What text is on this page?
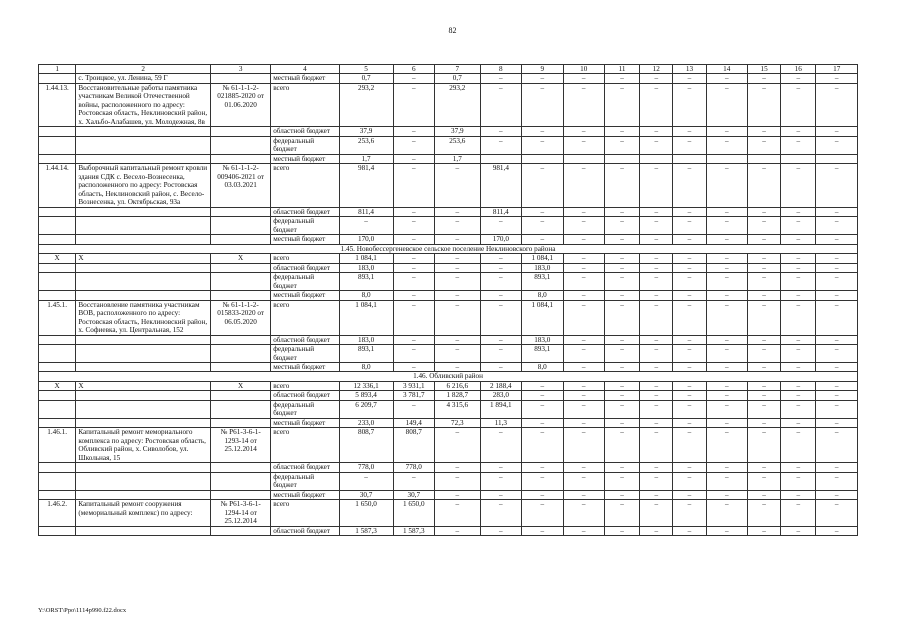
82
1	2	3	4	5	6	7	8	9	10	11	12	13	14	15	16	17
	с. Троицкое, ул. Ленина, 59 Г		местный бюджет	0,7	–	0,7	–	–	–	–	–	–	–	–	–	–
1.44.13.	Восстановительные работы памятника участникам Великой Отечественной войны, расположенного по адресу: Ростовская область, Неклиновский район, х. Хальбо-Алабашев, ул. Молодежная, 8в	№ 61-1-1-2-021885-2020 от 01.06.2020	всего	293,2	–	293,2	–	–	–	–	–	–	–	–	–	–
			областной бюджет	37,9	–	37,9	–	–	–	–	–	–	–	–	–	–
			федеральный бюджет	253,6	–	253,6	–	–	–	–	–	–	–	–	–	–
			местный бюджет	1,7	–	1,7										
1.44.14.	Выборочный капитальный ремонт кровли здания СДК с. Весело-Вознесенка, расположенного по адресу: Ростовская область, Неклиновский район, с. Весело-Вознесенка, ул. Октябрьская, 93а	№ 61-1-1-2-009406-2021 от 03.03.2021	всего	981,4	–	–	981,4	–	–	–	–	–	–	–	–	–
			областной бюджет	811,4	–	–	811,4	–	–	–	–	–	–	–	–	–
			федеральный бюджет	–	–	–	–	–	–	–	–	–	–	–	–	–
			местный бюджет	170,0	–	–	170,0	–	–	–	–	–	–	–	–	–
1.45. Новобессергеневское сельское поселение Неклиновского района																
Х	Х	Х	всего	1 084,1	–	–	–	1 084,1	–	–	–	–	–	–	–	–
			областной бюджет	183,0	–	–	–	183,0	–	–	–	–	–	–	–	–
			федеральный бюджет	893,1	–	–	–	893,1	–	–	–	–	–	–	–	–
			местный бюджет	8,0	–	–	–	8,0	–	–	–	–	–	–	–	–
1.45.1.	Восстановление памятника участникам ВОВ, расположенного по адресу: Ростовская область, Неклиновский район, х. Софиевка, ул. Центральная, 152	№ 61-1-1-2-015833-2020 от 06.05.2020	всего	1 084,1	–	–	–	1 084,1	–	–	–	–	–	–	–	–
			областной бюджет	183,0	–	–	–	183,0	–	–	–	–	–	–	–	–
			федеральный бюджет	893,1	–	–	–	893,1	–	–	–	–	–	–	–	–
			местный бюджет	8,0	–	–	–	8,0	–	–	–	–	–	–	–	–
1.46. Обливский район																
Х	Х	Х	всего	12 336,1	3 931,1	6 216,6	2 188,4	–	–	–	–	–	–	–	–	–
			областной бюджет	5 893,4	3 781,7	1 828,7	283,0	–	–	–	–	–	–	–	–	–
			федеральный бюджет	6 209,7	–	4 315,6	1 894,1	–	–	–	–	–	–	–	–	–
			местный бюджет	233,0	149,4	72,3	11,3	–	–	–	–	–	–	–	–	–
1.46.1.	Капитальный ремонт мемориального комплекса по адресу: Ростовская область, Обливский район, х. Сиволобов, ул. Школьная, 15	№ Р61-3-6-1-1293-14 от 25.12.2014	всего	808,7	808,7	–	–	–	–	–	–	–	–	–	–	–
			областной бюджет	778,0	778,0	–	–	–	–	–	–	–	–	–	–	–
			федеральный бюджет	–	–	–	–	–	–	–	–	–	–	–	–	–
			местный бюджет	30,7	30,7	–	–	–	–	–	–	–	–	–	–	–
1.46.2.	Капитальный ремонт сооружения (мемориальный комплекс) по адресу:	№ Р61-3-6-1-1294-14 от 25.12.2014	всего	1 650,0	1 650,0	–	–	–	–	–	–	–	–	–	–	–
			областной бюджет	1 587,3	1 587,3	–	–	–	–	–	–	–	–	–	–	–
Y:\ORST\Ppo\1114p990.f22.docx
